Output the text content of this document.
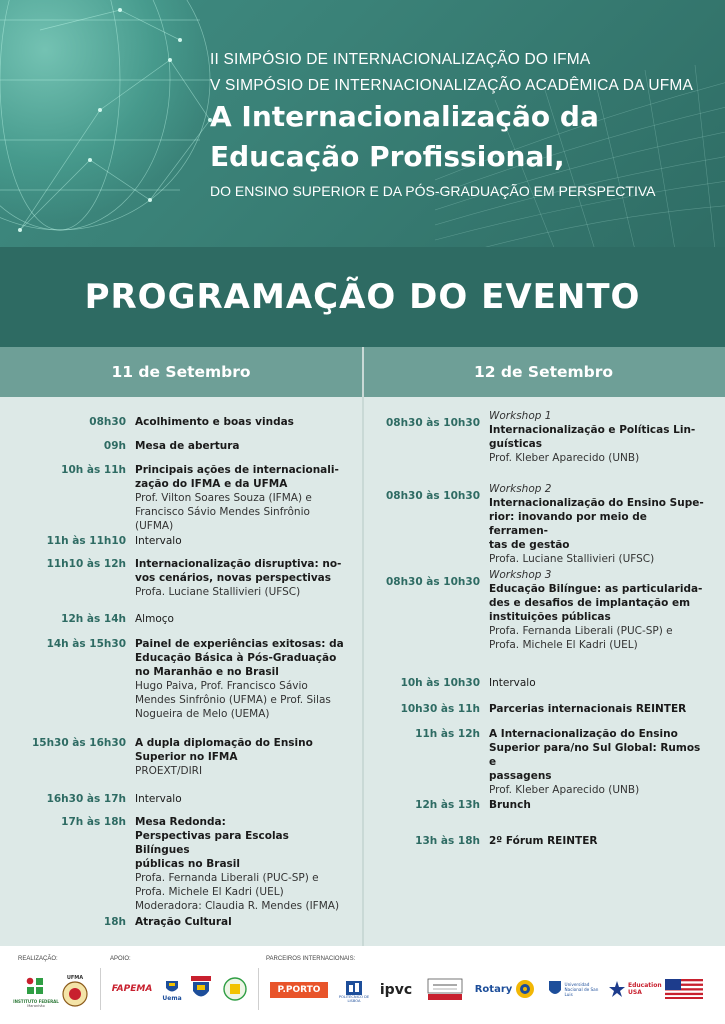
II SIMPÓSIO DE INTERNACIONALIZAÇÃO DO IFMA
V SIMPÓSIO DE INTERNACIONALIZAÇÃO ACADÊMICA DA UFMA
A Internacionalização da
Educação Profissional,
DO ENSINO SUPERIOR E DA PÓS-GRADUAÇÃO EM PERSPECTIVA
PROGRAMAÇÃO DO EVENTO
11 de Setembro	12 de Setembro
08h30 Acolhimento e boas vindas
09h Mesa de abertura
10h às 11h Principais ações de internacionali-
zação do IFMA e da UFMA
Prof. Vilton Soares Souza (IFMA) e
Francisco Sávio Mendes Sinfrônio (UFMA)
11h às 11h10 Intervalo
11h10 às 12h Internacionalização disruptiva: no-
vos cenários, novas perspectivas
Profa. Luciane Stallivieri (UFSC)
12h às 14h Almoço
14h às 15h30 Painel de experiências exitosas: da
Educação Básica à Pós-Graduação
no Maranhão e no Brasil
Hugo Paiva, Prof. Francisco Sávio
Mendes Sinfrônio (UFMA) e Prof. Silas
Nogueira de Melo (UEMA)
15h30 às 16h30 A dupla diplomação do Ensino
Superior no IFMA
PROEXT/DIRI
16h30 às 17h Intervalo
17h às 18h Mesa Redonda:
Perspectivas para Escolas Bilíngues
públicas no Brasil
Profa. Fernanda Liberali (PUC-SP) e
Profa. Michele El Kadri (UEL)
Moderadora: Claudia R. Mendes (IFMA)
18h Atração Cultural
08h30 às 10h30
Workshop 1
Internacionalização e Políticas Lin-
guísticas
Prof. Kleber Aparecido (UNB)
08h30 às 10h30
Workshop 2
Internacionalização do Ensino Supe-
rior: inovando por meio de ferramen-
tas de gestão
Profa. Luciane Stallivieri (UFSC)
08h30 às 10h30
Workshop 3
Educação Bilíngue: as particularida-
des e desafios de implantação em
instituições públicas
Profa. Fernanda Liberali (PUC-SP) e
Profa. Michele El Kadri (UEL)
10h às 10h30 Intervalo
10h30 às 11h Parcerias internacionais REINTER
11h às 12h A Internacionalização do Ensino
Superior para/no Sul Global: Rumos e
passagens
Prof. Kleber Aparecido (UNB)
12h às 13h Brunch
13h às 18h 2º Fórum REINTER
REALIZAÇÃO:	APOIO:	PARCEIROS INTERNACIONAIS:
INSTITUTO FEDERAL
Maranhão
UFMA
FAPEMA
Uema
P.PORTO
POLITÉCNICO DE LISBOA
ipvc	Rotary	Universidad Nacional de San Luis
Education USA
